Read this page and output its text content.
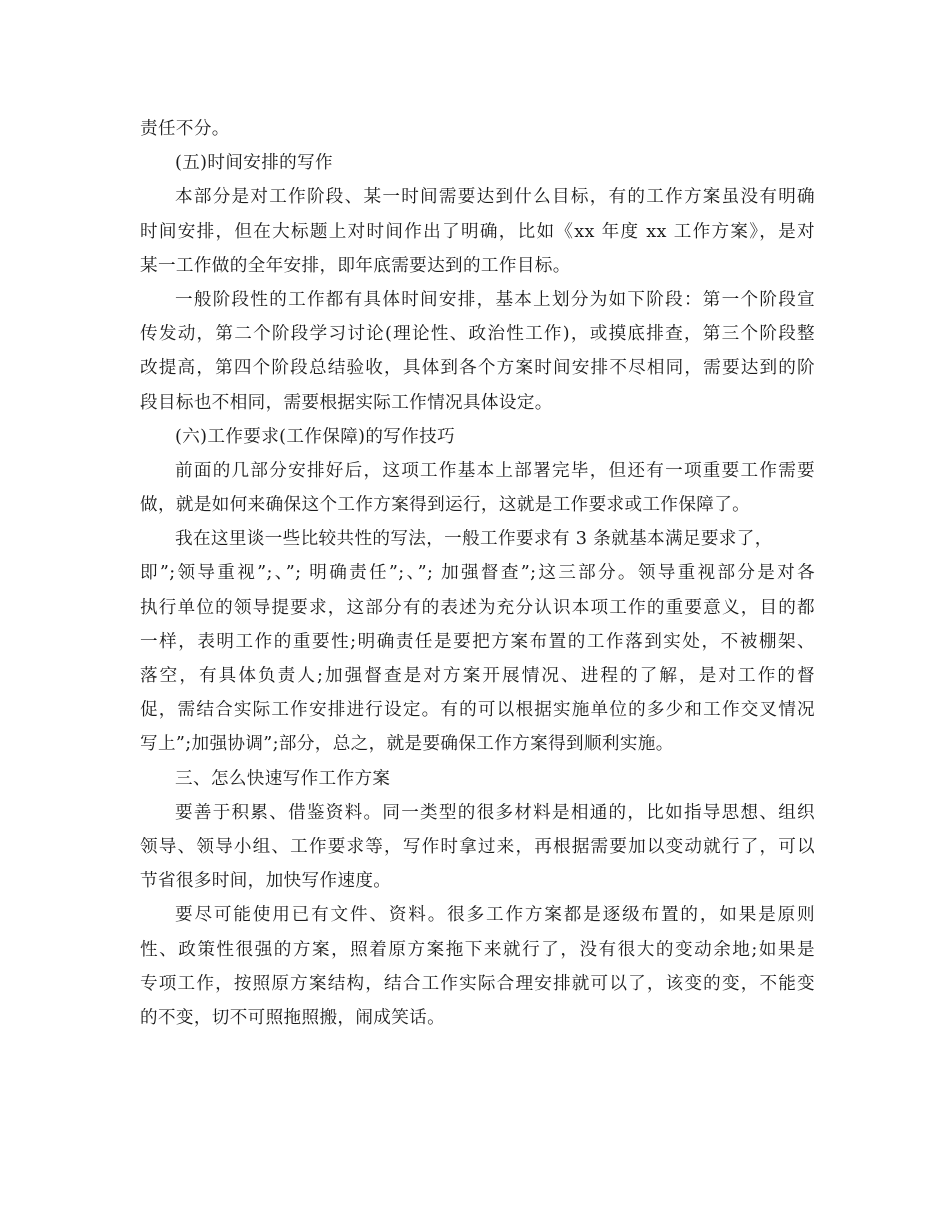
责任不分。
(五)时间安排的写作
本部分是对工作阶段、某一时间需要达到什么目标，有的工作方案虽没有明确
时间安排，但在大标题上对时间作出了明确，比如《xx 年度 xx 工作方案》，是对
某一工作做的全年安排，即年底需要达到的工作目标。
一般阶段性的工作都有具体时间安排，基本上划分为如下阶段：第一个阶段宣
传发动，第二个阶段学习讨论(理论性、政治性工作)，或摸底排查，第三个阶段整
改提高，第四个阶段总结验收，具体到各个方案时间安排不尽相同，需要达到的阶
段目标也不相同，需要根据实际工作情况具体设定。
(六)工作要求(工作保障)的写作技巧
前面的几部分安排好后，这项工作基本上部署完毕，但还有一项重要工作需要
做，就是如何来确保这个工作方案得到运行，这就是工作要求或工作保障了。
我在这里谈一些比较共性的写法，一般工作要求有 3 条就基本满足要求了，
即”;领导重视”;、”; 明确责任”;、”; 加强督查”;这三部分。领导重视部分是对各
执行单位的领导提要求，这部分有的表述为充分认识本项工作的重要意义，目的都
一样，表明工作的重要性;明确责任是要把方案布置的工作落到实处，不被棚架、
落空，有具体负责人;加强督查是对方案开展情况、进程的了解，是对工作的督
促，需结合实际工作安排进行设定。有的可以根据实施单位的多少和工作交叉情况
写上”;加强协调”;部分，总之，就是要确保工作方案得到顺利实施。
三、怎么快速写作工作方案
要善于积累、借鉴资料。同一类型的很多材料是相通的，比如指导思想、组织
领导、领导小组、工作要求等，写作时拿过来，再根据需要加以变动就行了，可以
节省很多时间，加快写作速度。
要尽可能使用已有文件、资料。很多工作方案都是逐级布置的，如果是原则
性、政策性很强的方案，照着原方案拖下来就行了，没有很大的变动余地;如果是
专项工作，按照原方案结构，结合工作实际合理安排就可以了，该变的变，不能变
的不变，切不可照拖照搬，闹成笑话。
